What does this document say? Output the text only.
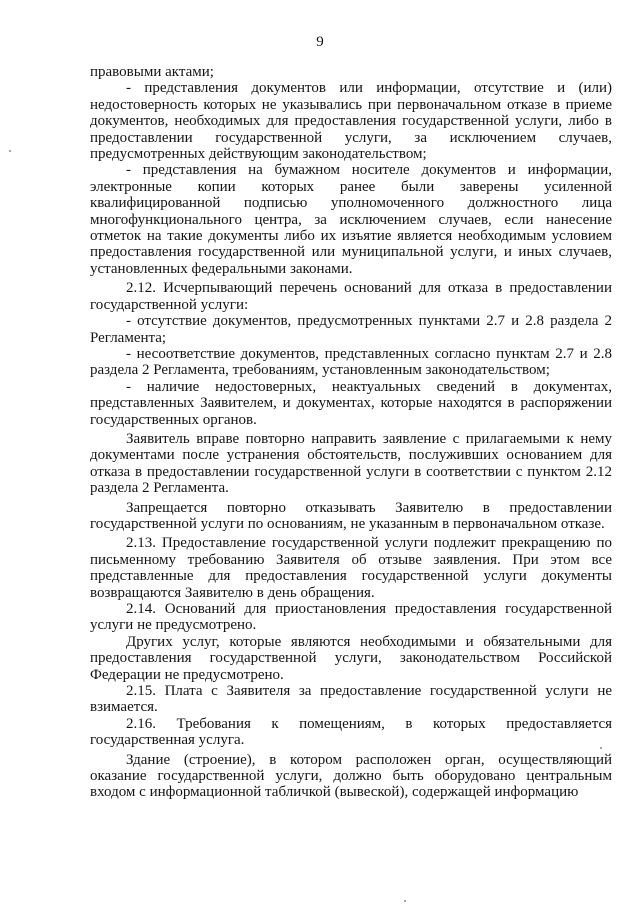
9

правовыми актами;

- представления документов или информации, отсутствие и (или) недостоверность которых не указывались при первоначальном отказе в приеме документов, необходимых для предоставления государственной услуги, либо в предоставлении государственной услуги, за исключением случаев, предусмотренных действующим законодательством;

- представления на бумажном носителе документов и информации, электронные копии которых ранее были заверены усиленной квалифицированной подписью уполномоченного должностного лица многофункционального центра, за исключением случаев, если нанесение отметок на такие документы либо их изъятие является необходимым условием предоставления государственной или муниципальной услуги, и иных случаев, установленных федеральными законами.

2.12. Исчерпывающий перечень оснований для отказа в предоставлении государственной услуги:

- отсутствие документов, предусмотренных пунктами 2.7 и 2.8 раздела 2 Регламента;

- несоответствие документов, представленных согласно пунктам 2.7 и 2.8 раздела 2 Регламента, требованиям, установленным законодательством;

- наличие недостоверных, неактуальных сведений в документах, представленных Заявителем, и документах, которые находятся в распоряжении государственных органов.

Заявитель вправе повторно направить заявление с прилагаемыми к нему документами после устранения обстоятельств, послуживших основанием для отказа в предоставлении государственной услуги в соответствии с пунктом 2.12 раздела 2 Регламента.

Запрещается повторно отказывать Заявителю в предоставлении государственной услуги по основаниям, не указанным в первоначальном отказе.

2.13. Предоставление государственной услуги подлежит прекращению по письменному требованию Заявителя об отзыве заявления. При этом все представленные для предоставления государственной услуги документы возвращаются Заявителю в день обращения.

2.14. Оснований для приостановления предоставления государственной услуги не предусмотрено.

Других услуг, которые являются необходимыми и обязательными для предоставления государственной услуги, законодательством Российской Федерации не предусмотрено.

2.15. Плата с Заявителя за предоставление государственной услуги не взимается.

2.16. Требования к помещениям, в которых предоставляется государственная услуга.

Здание (строение), в котором расположен орган, осуществляющий оказание государственной услуги, должно быть оборудовано центральным входом с информационной табличкой (вывеской), содержащей информацию
